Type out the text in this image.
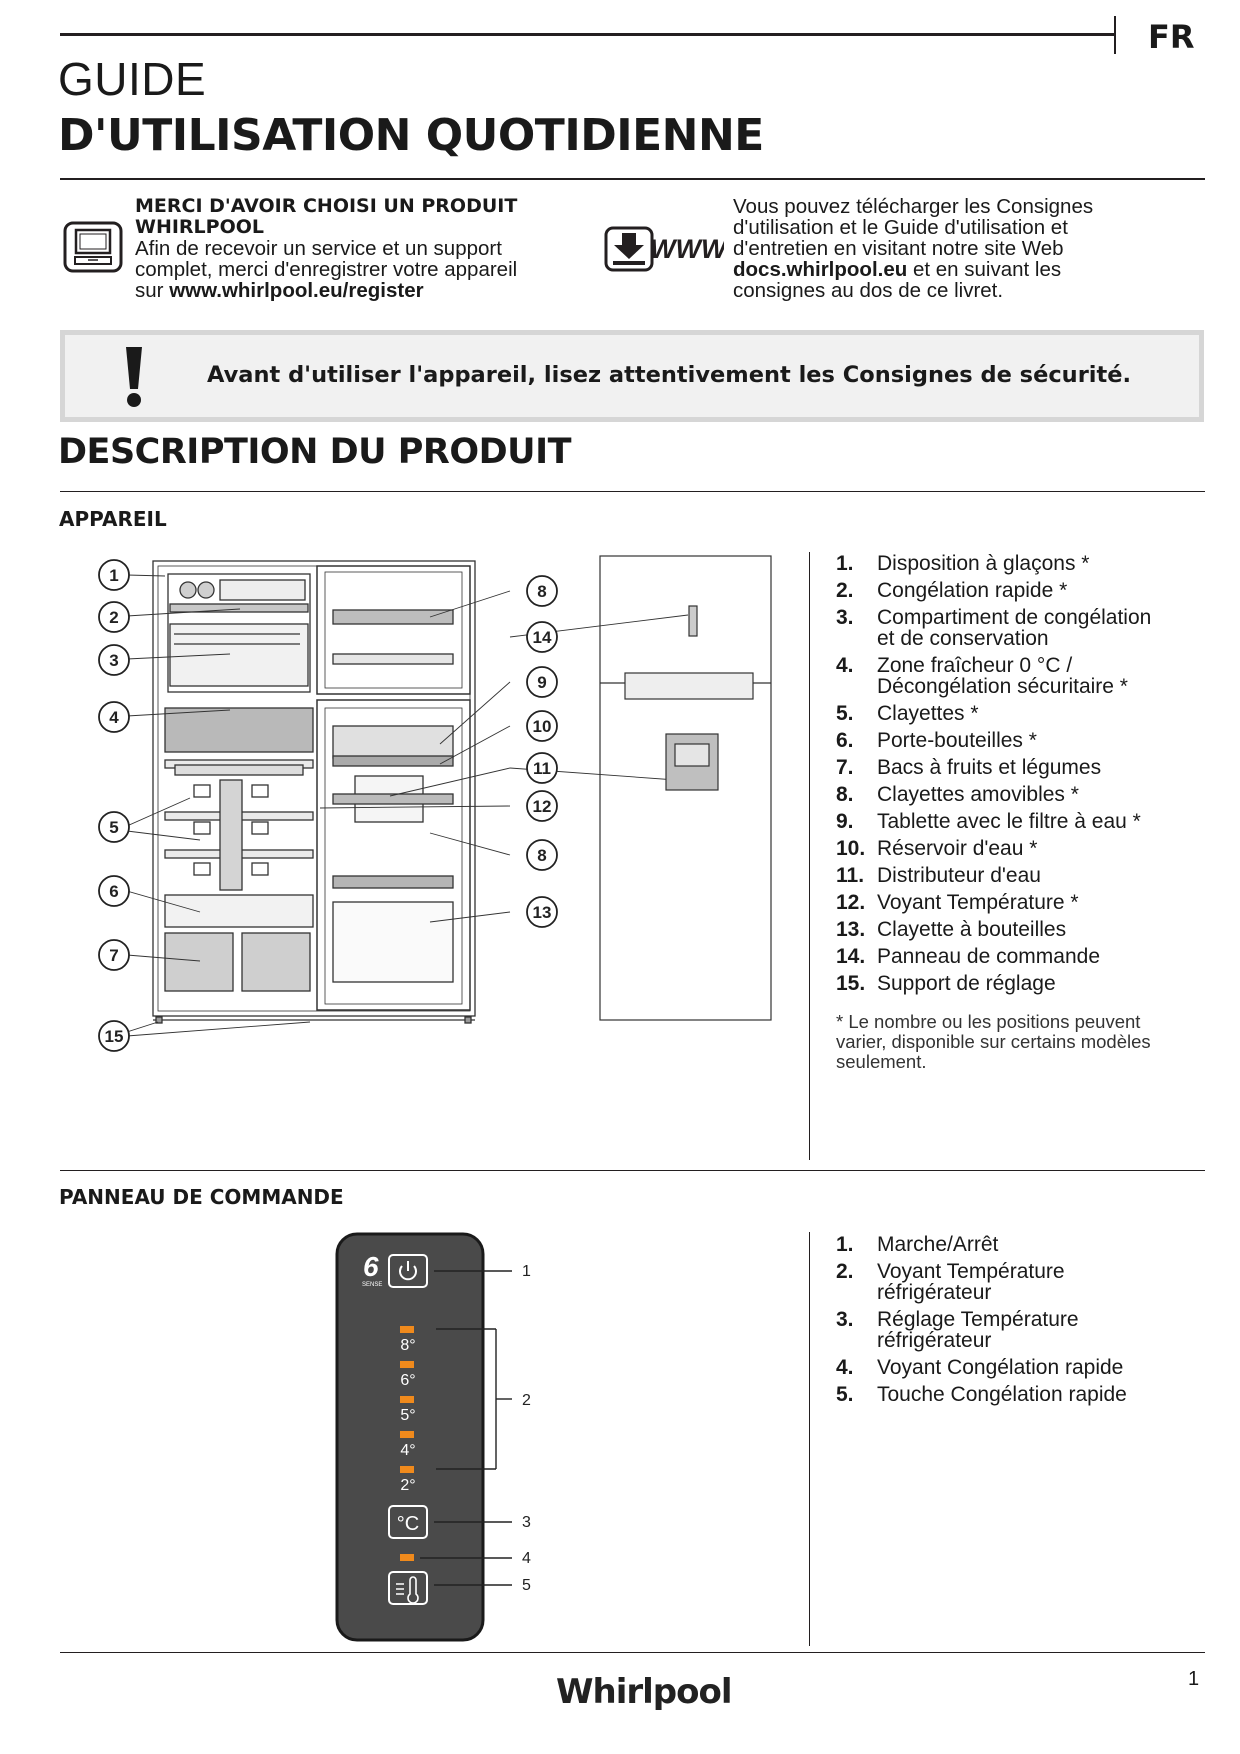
FR
GUIDE
D'UTILISATION QUOTIDIENNE
MERCI D'AVOIR CHOISI UN PRODUIT
WHIRLPOOL
Afin de recevoir un service et un support
complet, merci d'enregistrer votre appareil
sur www.whirlpool.eu/register
WWW
Vous pouvez télécharger les Consignes
d'utilisation et le Guide d'utilisation et
d'entretien en visitant notre site Web
docs.whirlpool.eu et en suivant les
consignes au dos de ce livret.
Avant d'utiliser l'appareil, lisez attentivement les Consignes de sécurité.
DESCRIPTION DU PRODUIT
APPAREIL
1
2
3
4
5
6
7
8
14
9
10
11
12
8
13
15
1. Disposition à glaçons *
2. Congélation rapide *
3. Compartiment de congélation
et de conservation
4. Zone fraîcheur 0 °C /
Décongélation sécuritaire *
5. Clayettes *
6. Porte-bouteilles *
7. Bacs à fruits et légumes
8. Clayettes amovibles *
9. Tablette avec le filtre à eau *
10. Réservoir d'eau *
11. Distributeur d'eau
12. Voyant Température *
13. Clayette à bouteilles
14. Panneau de commande
15. Support de réglage
* Le nombre ou les positions peuvent
varier, disponible sur certains modèles
seulement.
PANNEAU DE COMMANDE
6
SENSE
8°
6°
5°
4°
2°
°C
1
2
3
4
5
1. Marche/Arrêt
2. Voyant Température
réfrigérateur
3. Réglage Température
réfrigérateur
4. Voyant Congélation rapide
5. Touche Congélation rapide
Whirlpool	1
